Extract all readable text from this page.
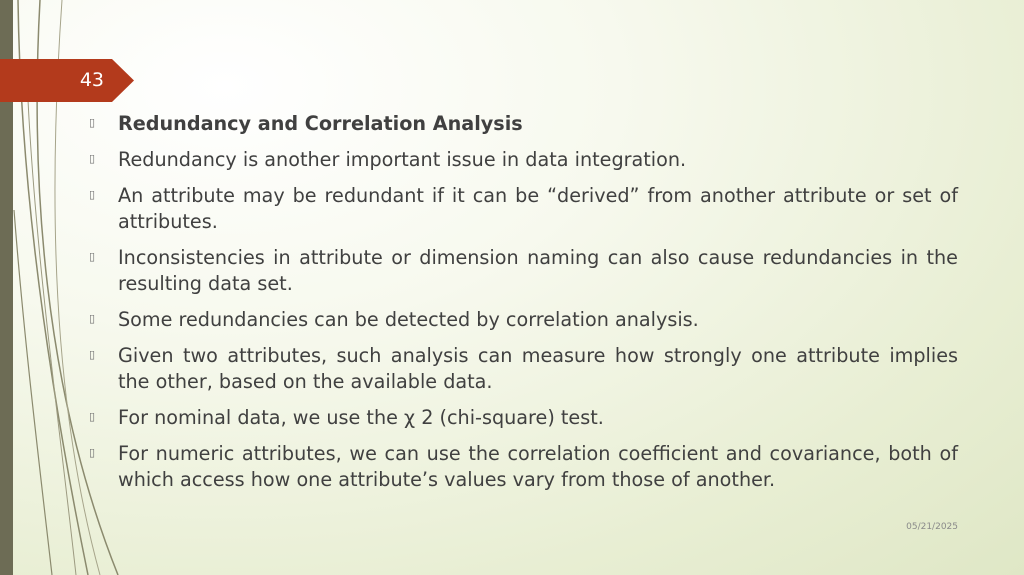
43
▯ Redundancy and Correlation Analysis
▯ Redundancy is another important issue in data integration.
▯ An attribute may be redundant if it can be “derived” from another attribute or set of attributes.
▯ Inconsistencies in attribute or dimension naming can also cause redundancies in the resulting data set.
▯ Some redundancies can be detected by correlation analysis.
▯ Given two attributes, such analysis can measure how strongly one attribute implies the other, based on the available data.
▯ For nominal data, we use the χ 2 (chi-square) test.
▯ For numeric attributes, we can use the correlation coefficient and covariance, both of which access how one attribute’s values vary from those of another.
05/21/2025
